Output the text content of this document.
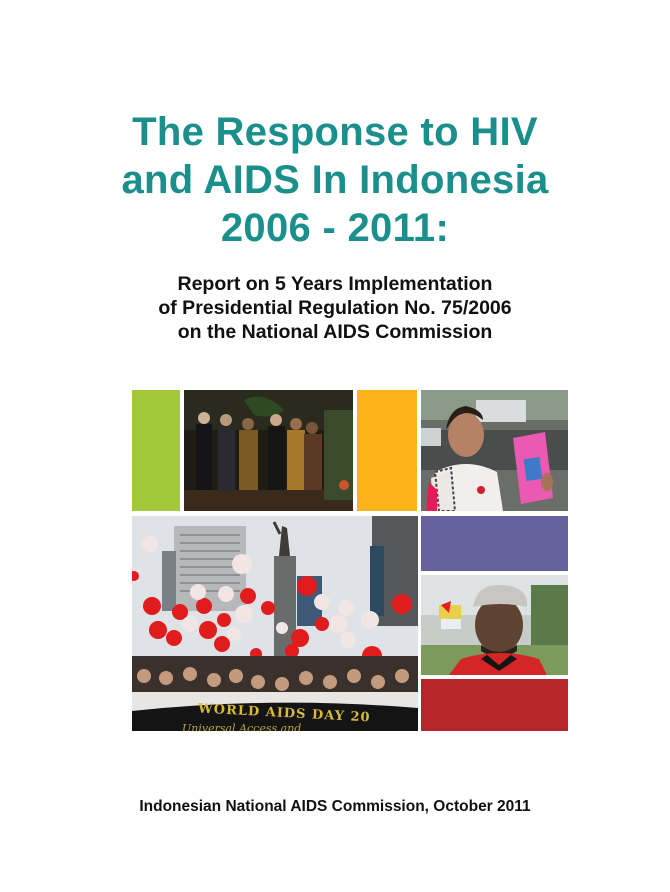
The Response to HIV
and AIDS In Indonesia
2006 - 2011:
Report on 5 Years Implementation
of Presidential Regulation No. 75/2006
on the National AIDS Commission
WORLD AIDS DAY 20
Universal Access and
Indonesian National AIDS Commission, October 2011
